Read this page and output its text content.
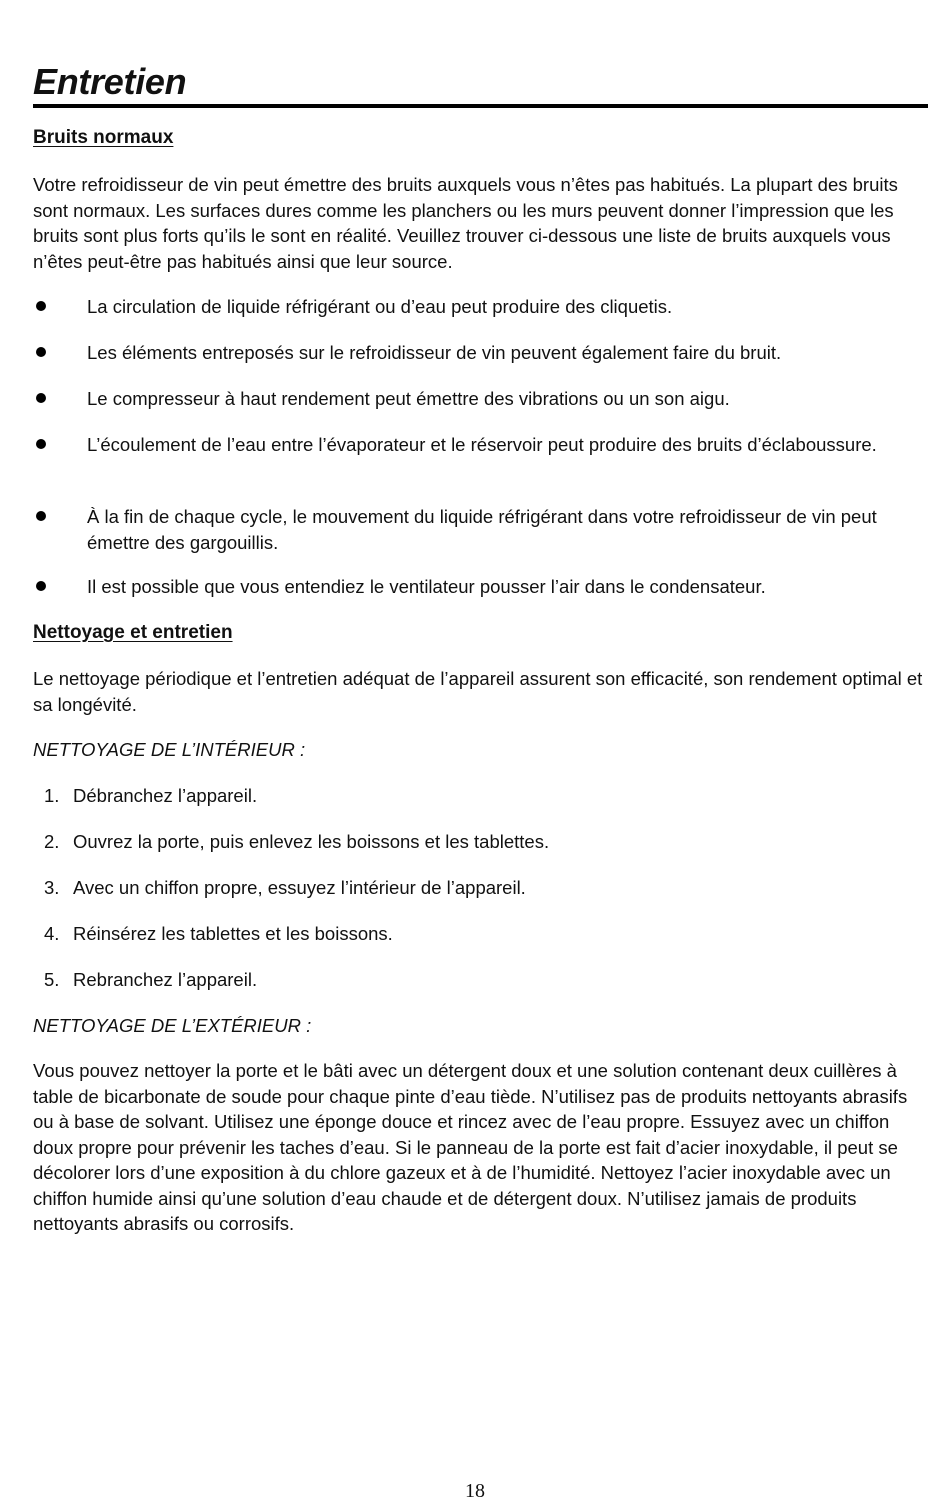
Entretien
Bruits normaux

Votre refroidisseur de vin peut émettre des bruits auxquels vous n’êtes pas habitués. La plupart des bruits sont normaux. Les surfaces dures comme les planchers ou les murs peuvent donner l’impression que les bruits sont plus forts qu’ils le sont en réalité. Veuillez trouver ci-dessous une liste de bruits auxquels vous n’êtes peut-être pas habitués ainsi que leur source.

La circulation de liquide réfrigérant ou d’eau peut produire des cliquetis.

Les éléments entreposés sur le refroidisseur de vin peuvent également faire du bruit.

Le compresseur à haut rendement peut émettre des vibrations ou un son aigu.

L’écoulement de l’eau entre l’évaporateur et le réservoir peut produire des bruits d’éclaboussure.

À la fin de chaque cycle, le mouvement du liquide réfrigérant dans votre refroidisseur de vin peut émettre des gargouillis.

Il est possible que vous entendiez le ventilateur pousser l’air dans le condensateur.

Nettoyage et entretien

Le nettoyage périodique et l’entretien adéquat de l’appareil assurent son efficacité, son rendement optimal et sa longévité.

NETTOYAGE DE L’INTÉRIEUR :

1. Débranchez l’appareil.
2. Ouvrez la porte, puis enlevez les boissons et les tablettes.
3. Avec un chiffon propre, essuyez l’intérieur de l’appareil.
4. Réinsérez les tablettes et les boissons.
5. Rebranchez l’appareil.

NETTOYAGE DE L’EXTÉRIEUR :

Vous pouvez nettoyer la porte et le bâti avec un détergent doux et une solution contenant deux cuillères à table de bicarbonate de soude pour chaque pinte d’eau tiède. N’utilisez pas de produits nettoyants abrasifs ou à base de solvant. Utilisez une éponge douce et rincez avec de l’eau propre. Essuyez avec un chiffon doux propre pour prévenir les taches d’eau. Si le panneau de la porte est fait d’acier inoxydable, il peut se décolorer lors d’une exposition à du chlore gazeux et à de l’humidité. Nettoyez l’acier inoxydable avec un chiffon humide ainsi qu’une solution d’eau chaude et de détergent doux. N’utilisez jamais de produits nettoyants abrasifs ou corrosifs.

18
